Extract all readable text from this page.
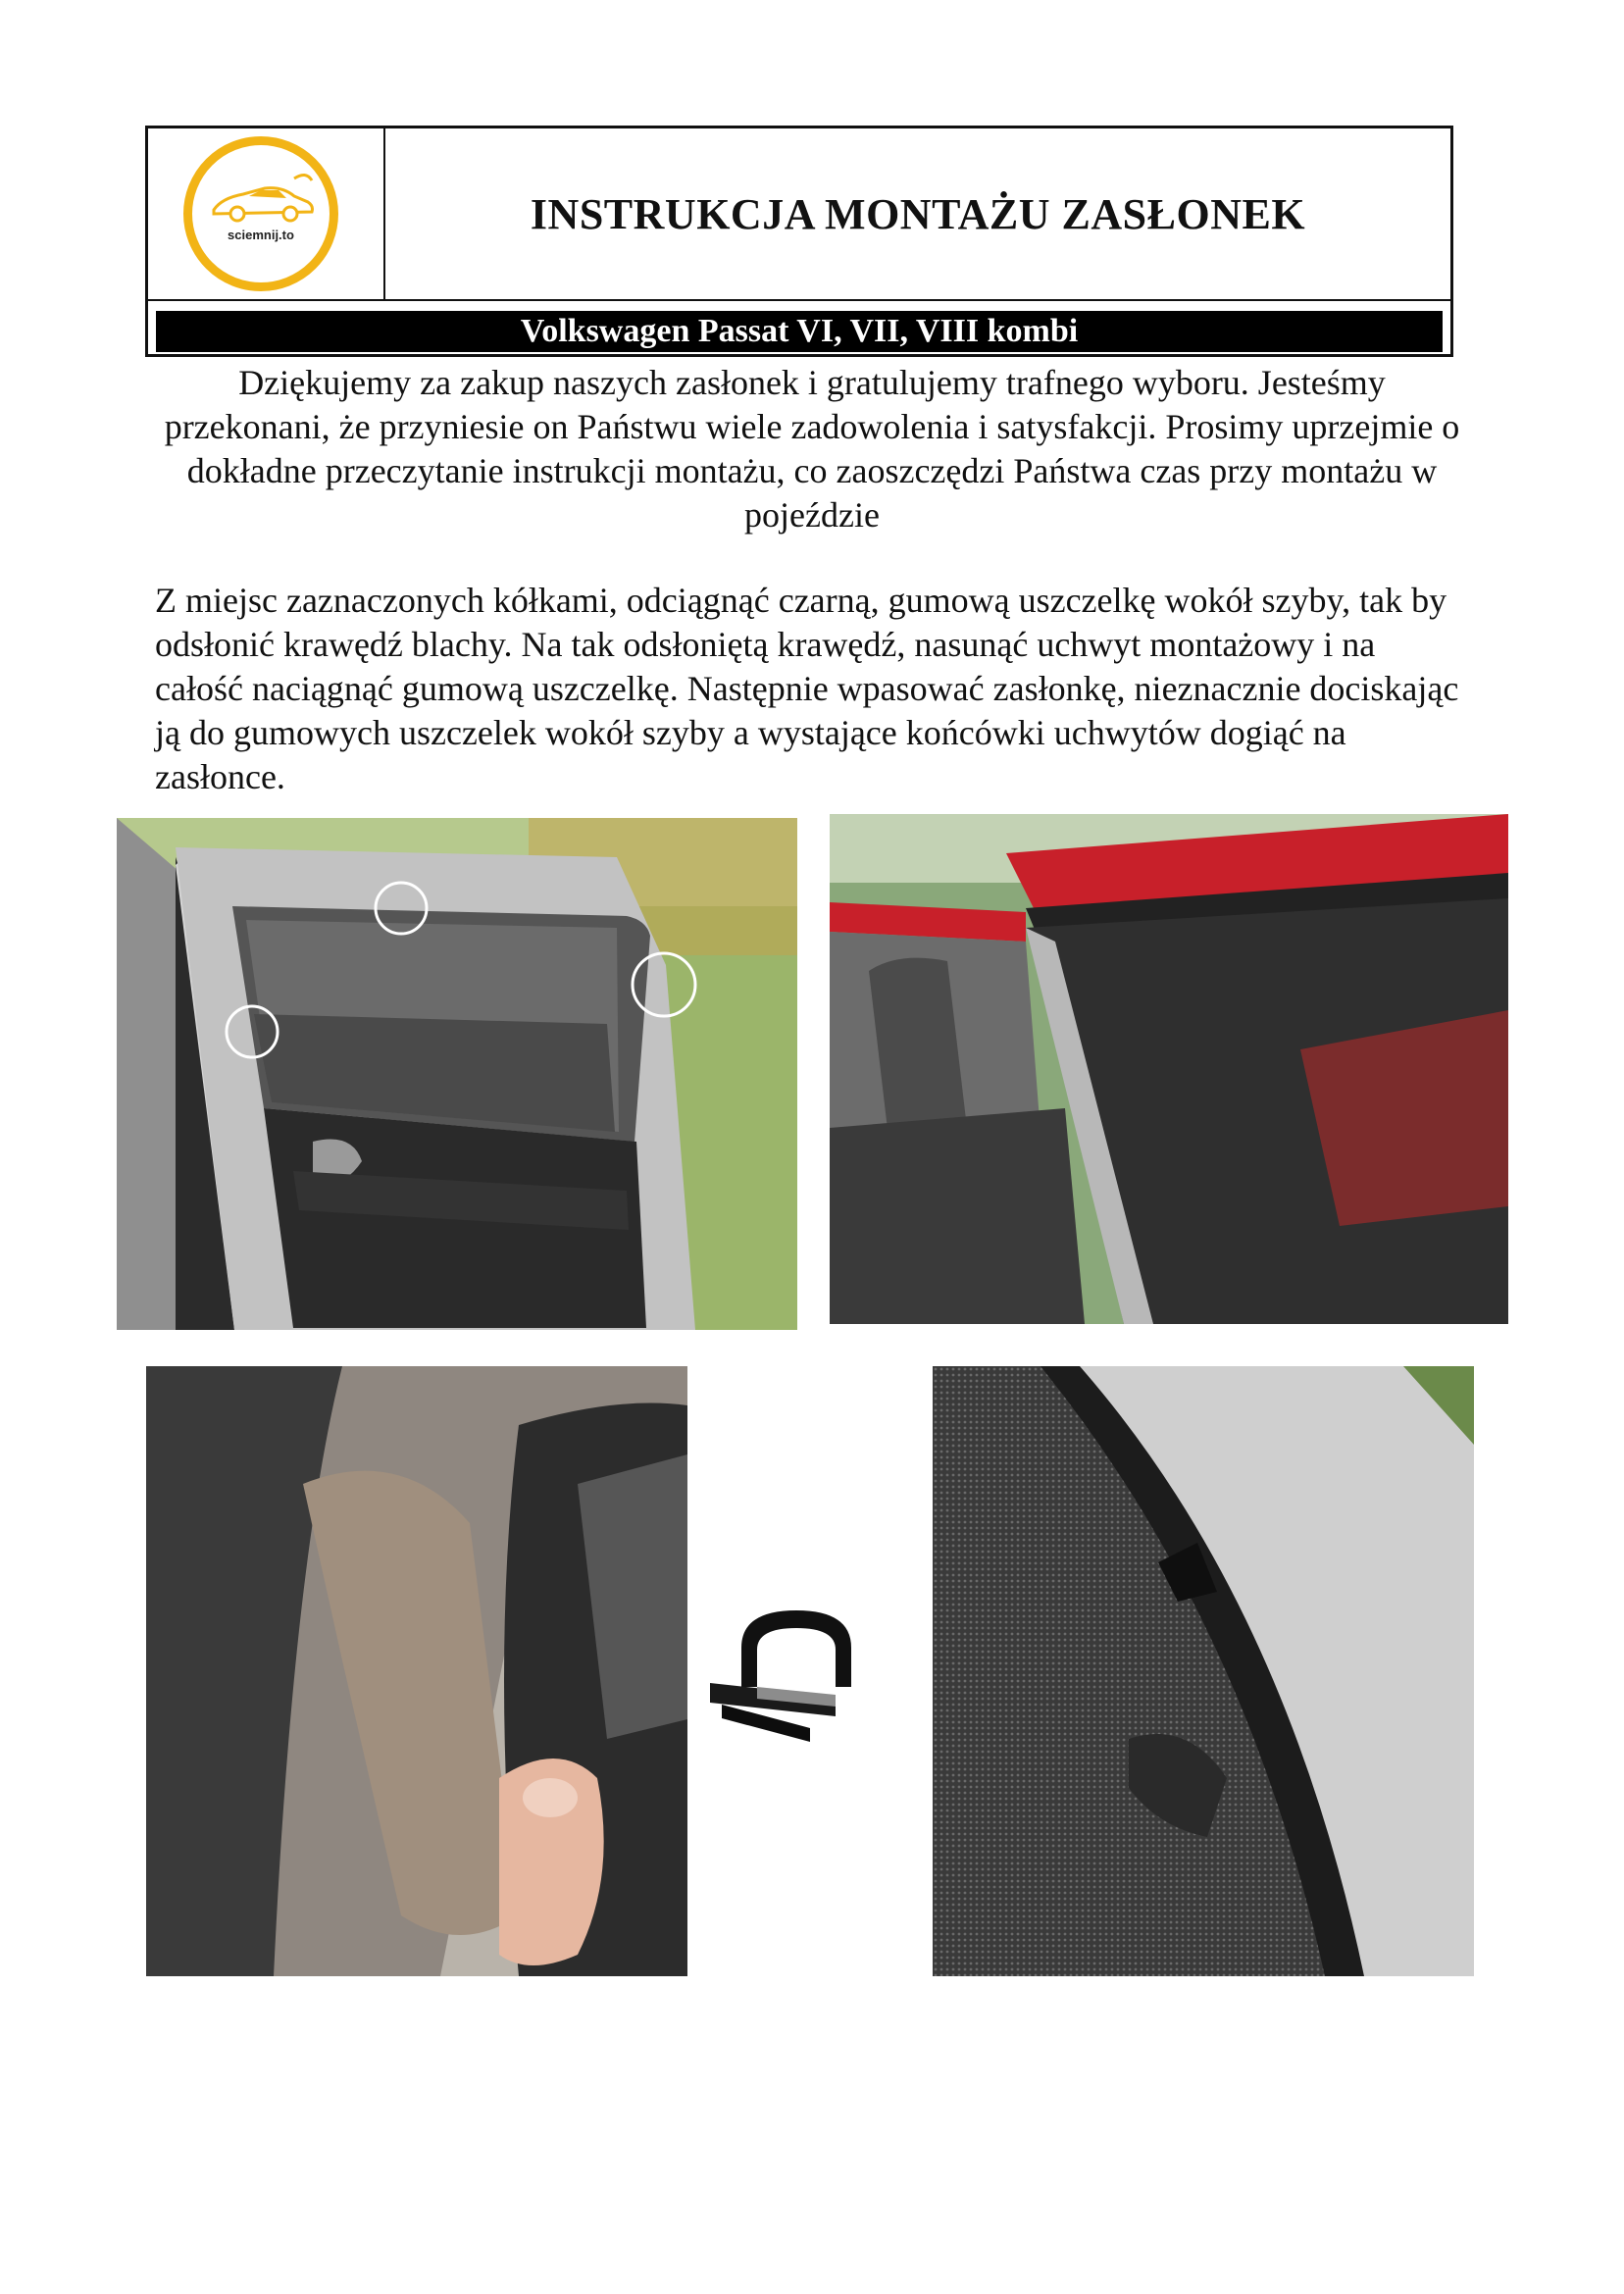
sciemnij.to	INSTRUKCJA MONTAŻU ZASŁONEK
Volkswagen Passat VI, VII, VIII kombi
Dziękujemy za zakup naszych zasłonek i gratulujemy trafnego wyboru. Jesteśmy przekonani, że przyniesie on Państwu wiele zadowolenia i satysfakcji. Prosimy uprzejmie o dokładne przeczytanie instrukcji montażu, co zaoszczędzi Państwa czas przy montażu w pojeździe
Z miejsc zaznaczonych kółkami, odciągnąć czarną, gumową uszczelkę wokół szyby, tak by odsłonić krawędź blachy. Na tak odsłoniętą krawędź, nasunąć uchwyt montażowy i na całość naciągnąć gumową uszczelkę. Następnie wpasować zasłonkę, nieznacznie dociskając ją do gumowych uszczelek wokół szyby a wystające końcówki uchwytów dogiąć na zasłonce.
